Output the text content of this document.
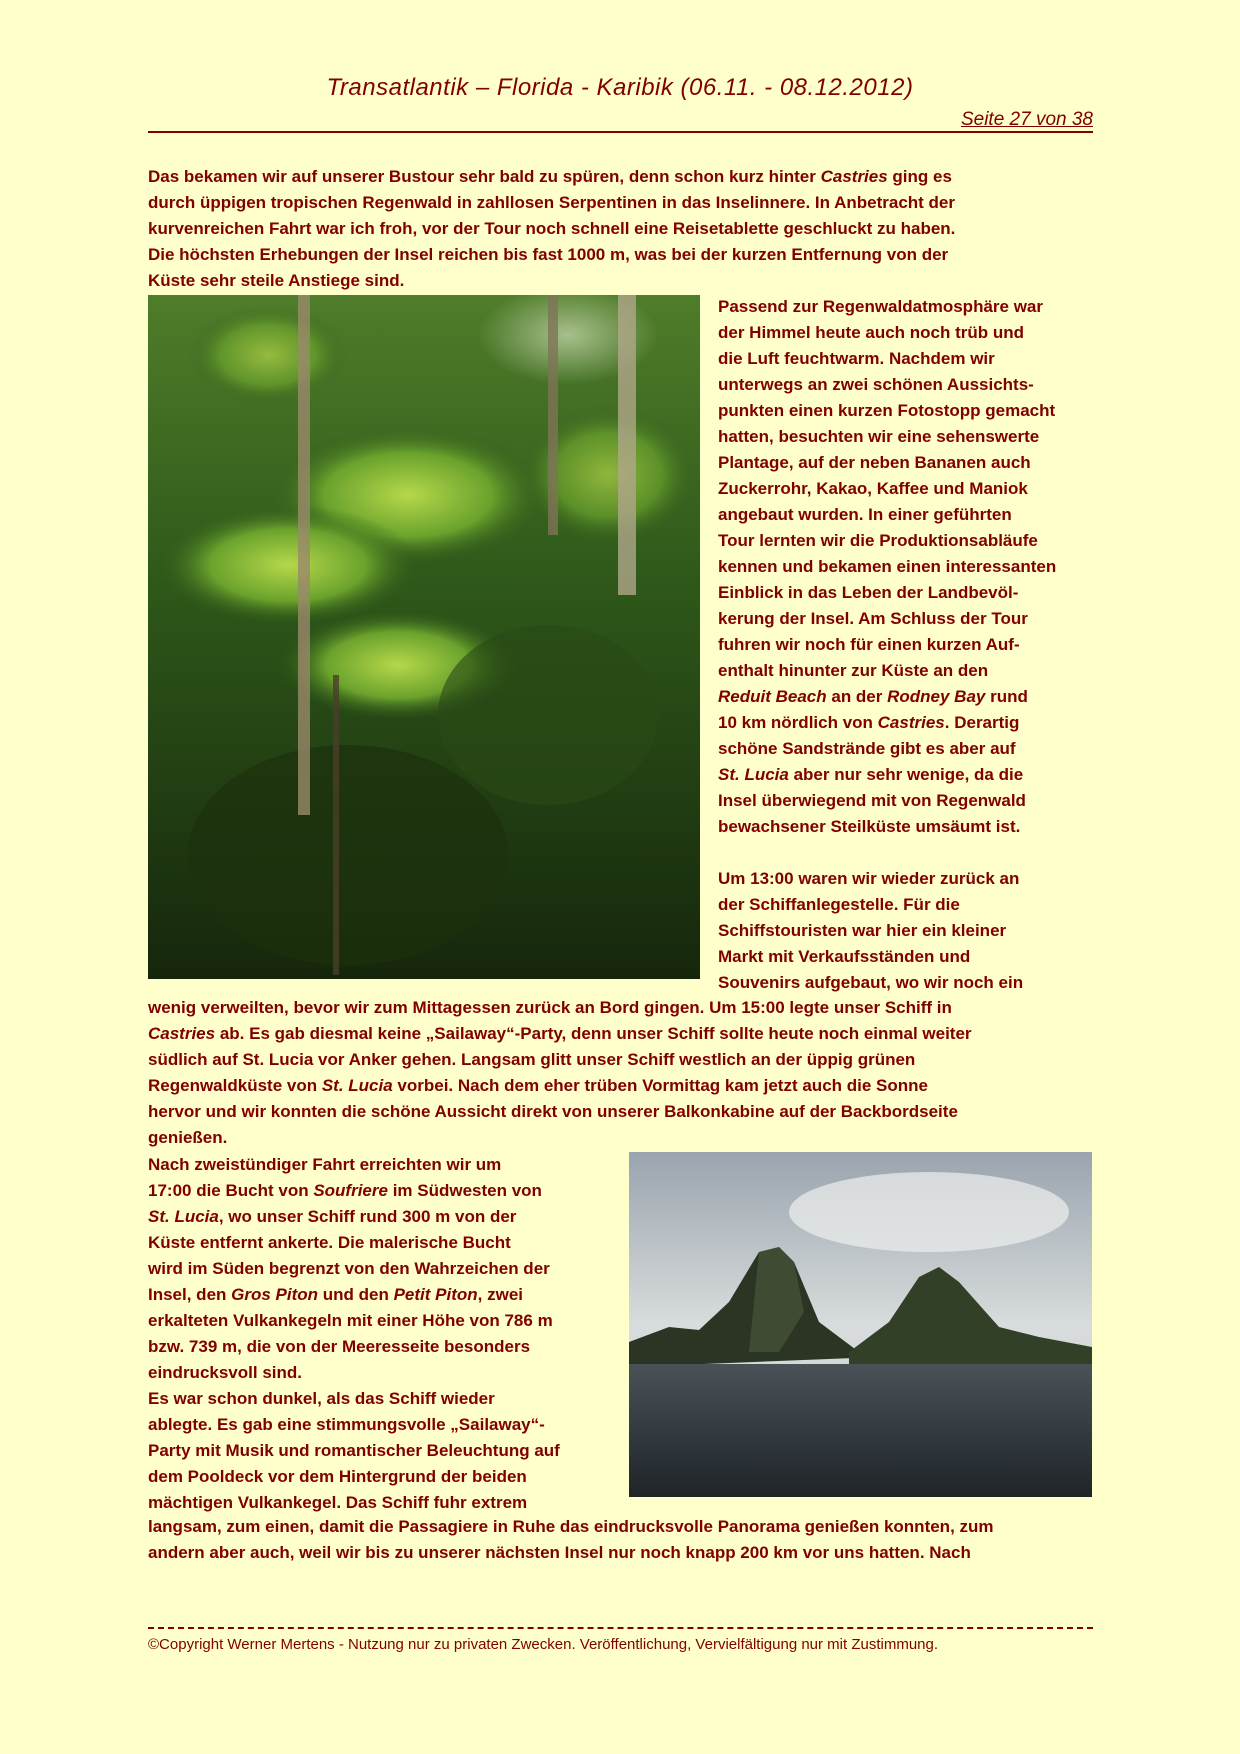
Transatlantik – Florida - Karibik (06.11. - 08.12.2012)
Seite 27 von 38
Das bekamen wir auf unserer Bustour sehr bald zu spüren, denn schon kurz hinter Castries ging es
durch üppigen tropischen Regenwald in zahllosen Serpentinen in das Inselinnere. In Anbetracht der
kurvenreichen Fahrt war ich froh, vor der Tour noch schnell eine Reisetablette geschluckt zu haben.
Die höchsten Erhebungen der Insel reichen bis fast 1000 m, was bei der kurzen Entfernung von der
Küste sehr steile Anstiege sind.
Passend zur Regenwaldatmosphäre war
der Himmel heute auch noch trüb und
die Luft feuchtwarm. Nachdem wir
unterwegs an zwei schönen Aussichts-
punkten einen kurzen Fotostopp gemacht
hatten, besuchten wir eine sehenswerte
Plantage, auf der neben Bananen auch
Zuckerrohr, Kakao, Kaffee und Maniok
angebaut wurden. In einer geführten
Tour lernten wir die Produktionsabläufe
kennen und bekamen einen interessanten
Einblick in das Leben der Landbevöl-
kerung der Insel. Am Schluss der Tour
fuhren wir noch für einen kurzen Auf-
enthalt hinunter zur Küste an den
Reduit Beach an der Rodney Bay rund
10 km nördlich von Castries. Derartig
schöne Sandstrände gibt es aber auf
St. Lucia aber nur sehr wenige, da die
Insel überwiegend mit von Regenwald
bewachsener Steilküste umsäumt ist.
Um 13:00 waren wir wieder zurück an
der Schiffanlegestelle. Für die
Schiffstouristen war hier ein kleiner
Markt mit Verkaufsständen und
Souvenirs aufgebaut, wo wir noch ein
wenig verweilten, bevor wir zum Mittagessen zurück an Bord gingen. Um 15:00 legte unser Schiff in
Castries ab. Es gab diesmal keine „Sailaway“-Party, denn unser Schiff sollte heute noch einmal weiter
südlich auf St. Lucia vor Anker gehen. Langsam glitt unser Schiff westlich an der üppig grünen
Regenwaldküste von St. Lucia vorbei. Nach dem eher trüben Vormittag kam jetzt auch die Sonne
hervor und wir konnten die schöne Aussicht direkt von unserer Balkonkabine auf der Backbordseite
genießen.
Nach zweistündiger Fahrt erreichten wir um
17:00 die Bucht von Soufriere im Südwesten von
St. Lucia, wo unser Schiff rund 300 m von der
Küste entfernt ankerte. Die malerische Bucht
wird im Süden begrenzt von den Wahrzeichen der
Insel, den Gros Piton und den Petit Piton, zwei
erkalteten Vulkankegeln mit einer Höhe von 786 m
bzw. 739 m, die von der Meeresseite besonders
eindrucksvoll sind.
Es war schon dunkel, als das Schiff wieder
ablegte. Es gab eine stimmungsvolle „Sailaway“-
Party mit Musik und romantischer Beleuchtung auf
dem Pooldeck vor dem Hintergrund der beiden
mächtigen Vulkankegel. Das Schiff fuhr extrem
langsam, zum einen, damit die Passagiere in Ruhe das eindrucksvolle Panorama genießen konnten, zum
andern aber auch, weil wir bis zu unserer nächsten Insel nur noch knapp 200 km vor uns hatten. Nach
©Copyright Werner Mertens - Nutzung nur zu privaten Zwecken. Veröffentlichung, Vervielfältigung nur mit Zustimmung.
